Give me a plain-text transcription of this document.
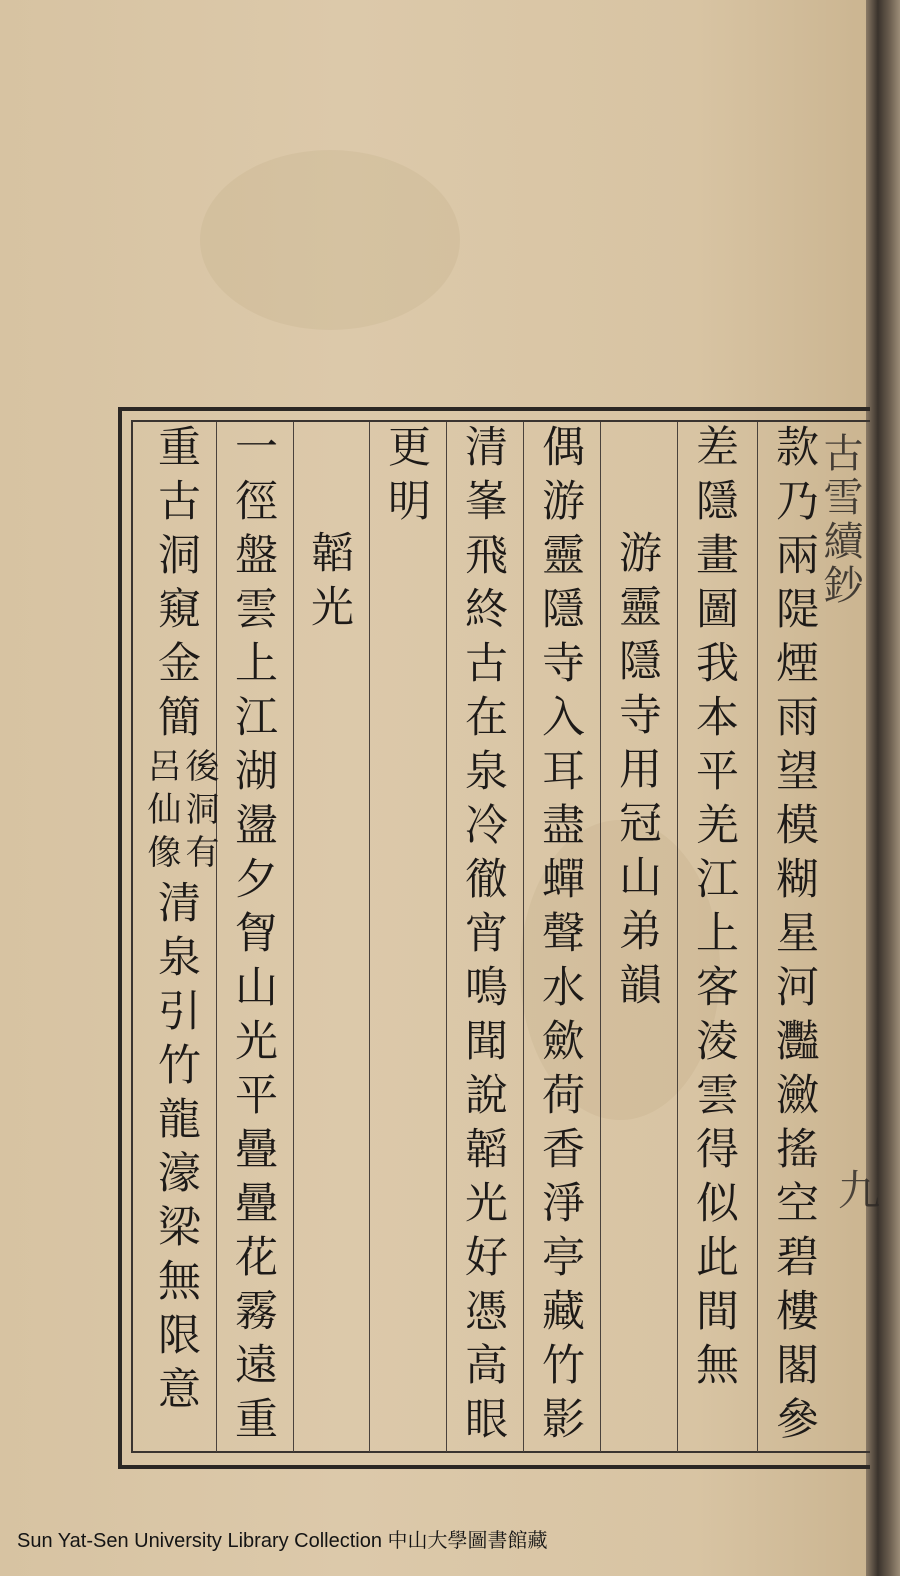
古雪續鈔
九
款乃兩隄煙雨望模糊星河灩瀲搖空碧樓閣參
差隱畫圖我本平羌江上客淩雲得似此間無
游靈隱寺用冠山弟韻
偶游靈隱寺入耳盡蟬聲水歛荷香淨亭藏竹影
清峯飛終古在泉冷徹宵鳴聞說韜光好憑高眼
更明
韜光
一徑盤雲上江湖盪夕胷山光平曡曡花霧遠重
重古洞窺金簡
後洞有
呂仙像
清泉引竹龍濠梁無限意
Sun Yat-Sen University Library Collection 中山大學圖書館藏
